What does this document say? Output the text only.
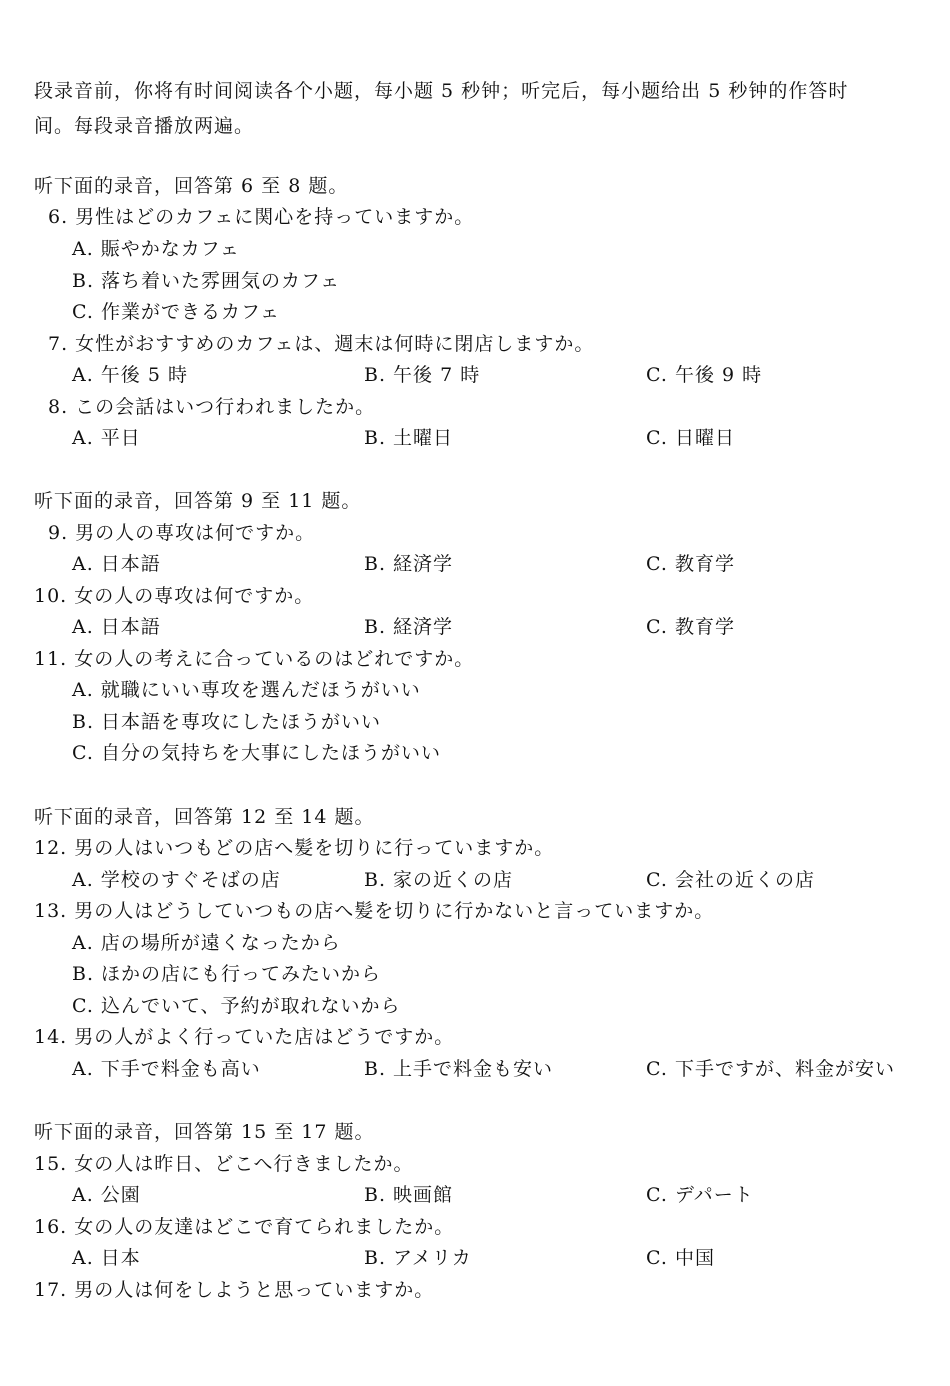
段录音前，你将有时间阅读各个小题，每小题 5 秒钟；听完后，每小题给出 5 秒钟的作答时
间。每段录音播放两遍。
听下面的录音，回答第 6 至 8 题。
6. 男性はどのカフェに関心を持っていますか。
A. 賑やかなカフェ
B. 落ち着いた雰囲気のカフェ
C. 作業ができるカフェ
7. 女性がおすすめのカフェは、週末は何時に閉店しますか。
A. 午後 5 時	B. 午後 7 時	C. 午後 9 時
8. この会話はいつ行われましたか。
A. 平日	B. 土曜日	C. 日曜日
听下面的录音，回答第 9 至 11 题。
9. 男の人の専攻は何ですか。
A. 日本語	B. 経済学	C. 教育学
10. 女の人の専攻は何ですか。
A. 日本語	B. 経済学	C. 教育学
11. 女の人の考えに合っているのはどれですか。
A. 就職にいい専攻を選んだほうがいい
B. 日本語を専攻にしたほうがいい
C. 自分の気持ちを大事にしたほうがいい
听下面的录音，回答第 12 至 14 题。
12. 男の人はいつもどの店へ髪を切りに行っていますか。
A. 学校のすぐそばの店	B. 家の近くの店	C. 会社の近くの店
13. 男の人はどうしていつもの店へ髪を切りに行かないと言っていますか。
A. 店の場所が遠くなったから
B. ほかの店にも行ってみたいから
C. 込んでいて、予約が取れないから
14. 男の人がよく行っていた店はどうですか。
A. 下手で料金も高い	B. 上手で料金も安い	C. 下手ですが、料金が安い
听下面的录音，回答第 15 至 17 题。
15. 女の人は昨日、どこへ行きましたか。
A. 公園	B. 映画館	C. デパート
16. 女の人の友達はどこで育てられましたか。
A. 日本	B. アメリカ	C. 中国
17. 男の人は何をしようと思っていますか。
